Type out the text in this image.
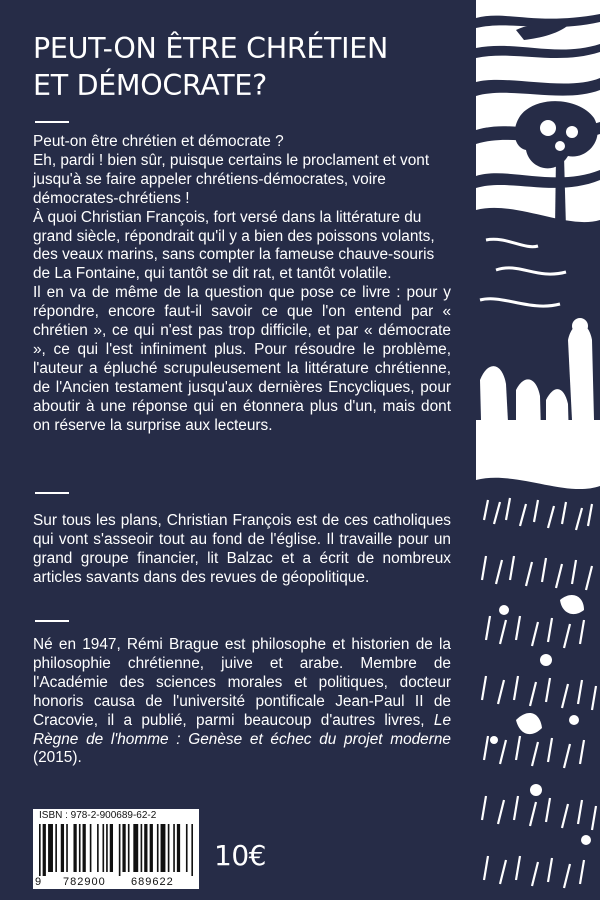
PEUT-ON ÊTRE CHRÉTIEN
ET DÉMOCRATE?

Peut-on être chrétien et démocrate ?

Eh, pardi ! bien sûr, puisque certains le proclament et vont jusqu'à se faire appeler chrétiens-démocrates, voire démocrates-chrétiens !

À quoi Christian François, fort versé dans la littérature du grand siècle, répondrait qu'il y a bien des poissons volants, des veaux marins, sans compter la fameuse chauve-souris de La Fontaine, qui tantôt se dit rat, et tantôt volatile.

Il en va de même de la question que pose ce livre : pour y répondre, encore faut-il savoir ce que l'on entend par « chrétien », ce qui n'est pas trop difficile, et par « démocrate », ce qui l'est infiniment plus. Pour résoudre le problème, l'auteur a épluché scrupuleusement la littérature chrétienne, de l'Ancien testament jusqu'aux dernières Encycliques, pour aboutir à une réponse qui en étonnera plus d'un, mais dont on réserve la surprise aux lecteurs.

Sur tous les plans, Christian François est de ces catholiques qui vont s'asseoir tout au fond de l'église. Il travaille pour un grand groupe financier, lit Balzac et a écrit de nombreux articles savants dans des revues de géopolitique.

Né en 1947, Rémi Brague est philosophe et historien de la philosophie chrétienne, juive et arabe. Membre de l'Académie des sciences morales et politiques, docteur honoris causa de l'université pontificale Jean-Paul II de Cracovie, il a publié, parmi beaucoup d'autres livres, Le Règne de l'homme : Genèse et échec du projet moderne (2015).

ISBN : 978-2-900689-62-2
9 782900 689622
10€
